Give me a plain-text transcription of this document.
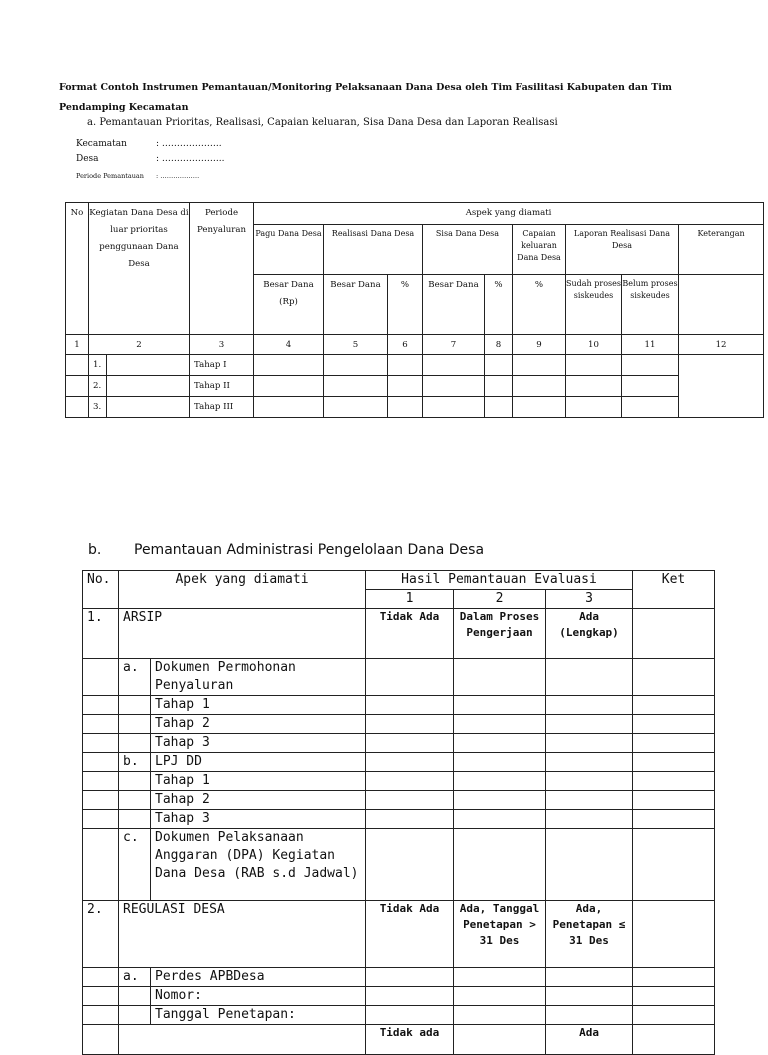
Format Contoh Instrumen Pemantauan/Monitoring Pelaksanaan Dana Desa oleh Tim Fasilitasi Kabupaten dan Tim Pendamping Kecamatan
a. Pemantauan Prioritas, Realisasi, Capaian keluaran, Sisa Dana Desa dan Laporan Realisasi
Kecamatan	: ………………..
Desa	: ………………...
Periode Pemantauan : ………………
No	Kegiatan Dana Desa di luar prioritas penggunaan Dana Desa		Periode Penyaluran	Aspek yang diamati								
				Pagu Dana Desa	Realisasi Dana Desa		Sisa Dana Desa		Capaian keluaran Dana Desa	Laporan Realisasi Dana Desa		Keterangan
				Besar Dana (Rp)	Besar Dana	%	Besar Dana	%	%	Sudah proses siskeudes	Belum proses siskeudes	
1	2		3	4	5	6	7	8	9	10	11	12
	1.		Tahap I									
	2.		Tahap II									
	3.		Tahap III									
b. Pemantauan Administrasi Pengelolaan Dana Desa
No.	Apek yang diamati		Hasil Pemantauan Evaluasi			Ket
			1	2	3	
1.	ARSIP		Tidak Ada	Dalam Proses Pengerjaan	Ada (Lengkap)	
	a.	Dokumen Permohonan Penyaluran				
		Tahap 1				
		Tahap 2				
		Tahap 3				
	b.	LPJ DD				
		Tahap 1				
		Tahap 2				
		Tahap 3				
	c.	Dokumen Pelaksanaan Anggaran (DPA) Kegiatan Dana Desa (RAB s.d Jadwal)				
2.	REGULASI DESA		Tidak Ada	Ada, Tanggal Penetapan > 31 Des	Ada, Penetapan ≤ 31 Des	
	a.	Perdes APBDesa				
		Nomor:				
		Tanggal Penetapan:				
			Tidak ada		Ada	
